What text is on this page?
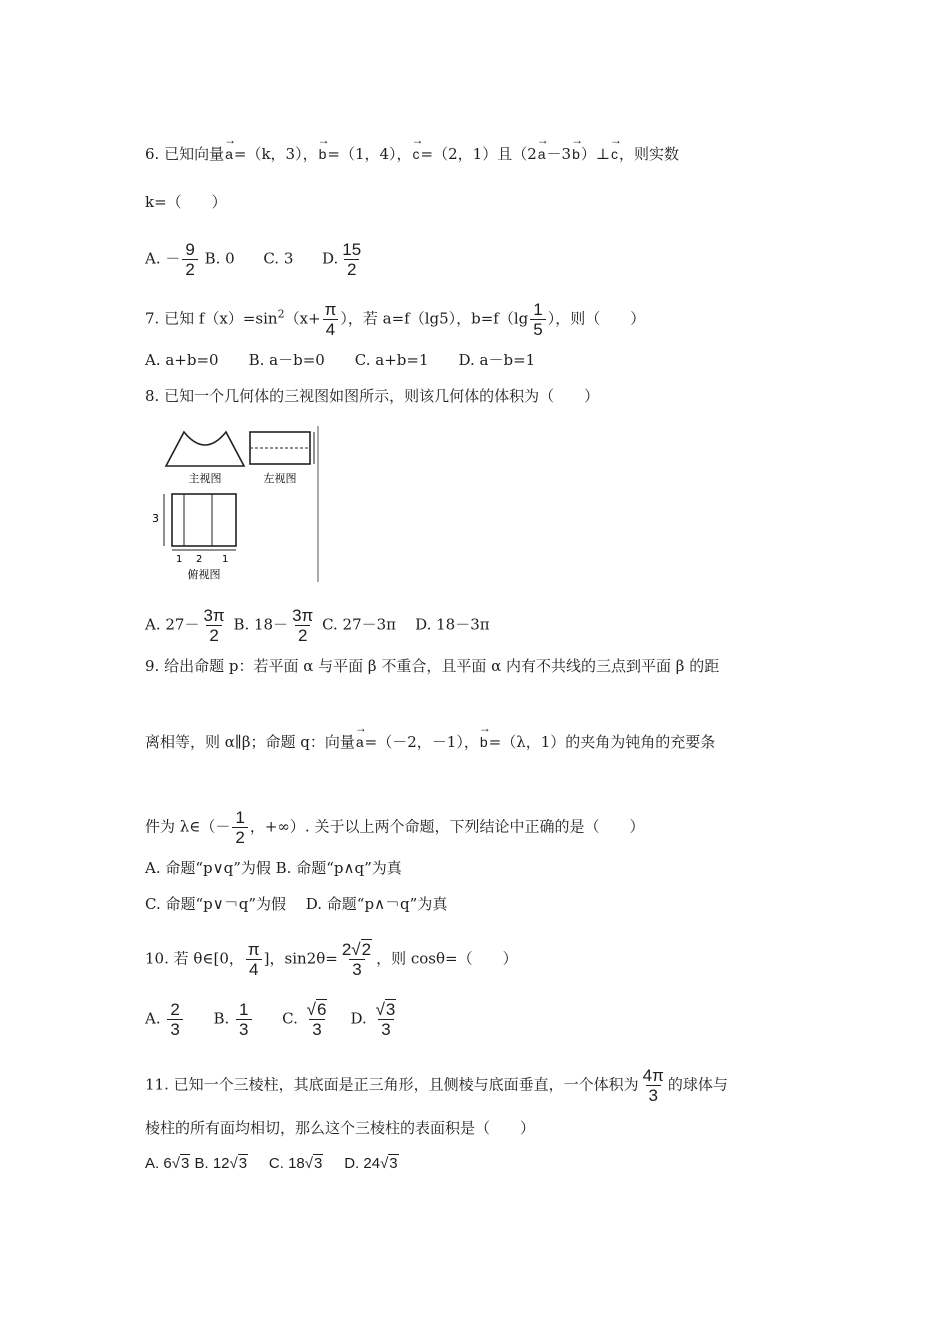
6. 已知向量→ a=（k，3），→ b=（1，4），→ c=（2，1）且（2→ a－3→ b）⊥→ c，则实数
k=（　　）
A. － $\frac{9}{2} B$. 0 C. 3 D. $\frac{15}{2}$
7. 已知 $f(x)=\sin^2(x+ \frac{\pi}{4}$ ），若 a=f（lg5），$b=f(\lg \frac{1}{5}$ ），则（　　）
A. a+b=0　　B. a－b=0　　C. a+b=1　　D. a－b=1
8. 已知一个几何体的三视图如图所示，则该几何体的体积为（　　）
主视图	左视图
3
1 2 1
俯视图
A. $27- \frac{3\pi}{2} B$. $18- \frac{3\pi}{2} C$. 27－3π D. 18－3π
9. 给出命题 p：若平面 α 与平面 β 不重合，且平面 α 内有不共线的三点到平面 β 的距
离相等，则 α∥β；命题 q：向量→ a=（－2，－1），→ b=（λ，1）的夹角为钝角的充要条
件为 λ∈（－ $\frac{1}{2}$ ，+∞）. 关于以上两个命题，下列结论中正确的是（　　）
A. 命题“p∨q”为假 B. 命题“p∧q”为真
C. 命题“p∨￢q”为假　 D. 命题“p∧￢q”为真
10. 若 θ∈[0， $\frac{\pi}{4}$ ]，$\sin 2\theta= \frac{2√2}{3}$ ，则 cosθ=（　　）
A. $\frac{2}{3} B$. $\frac{1}{3} C$. $\frac{√6}{3} D$. $\frac{√3}{3}$
11. 已知一个三棱柱，其底面是正三角形，且侧棱与底面垂直，一个体积为 $\frac{4\pi}{3}$ 的球体与
棱柱的所有面均相切，那么这个三棱柱的表面积是（　　）
A. 6√3 B. 12√3 C. 18√3 D. 24√3
